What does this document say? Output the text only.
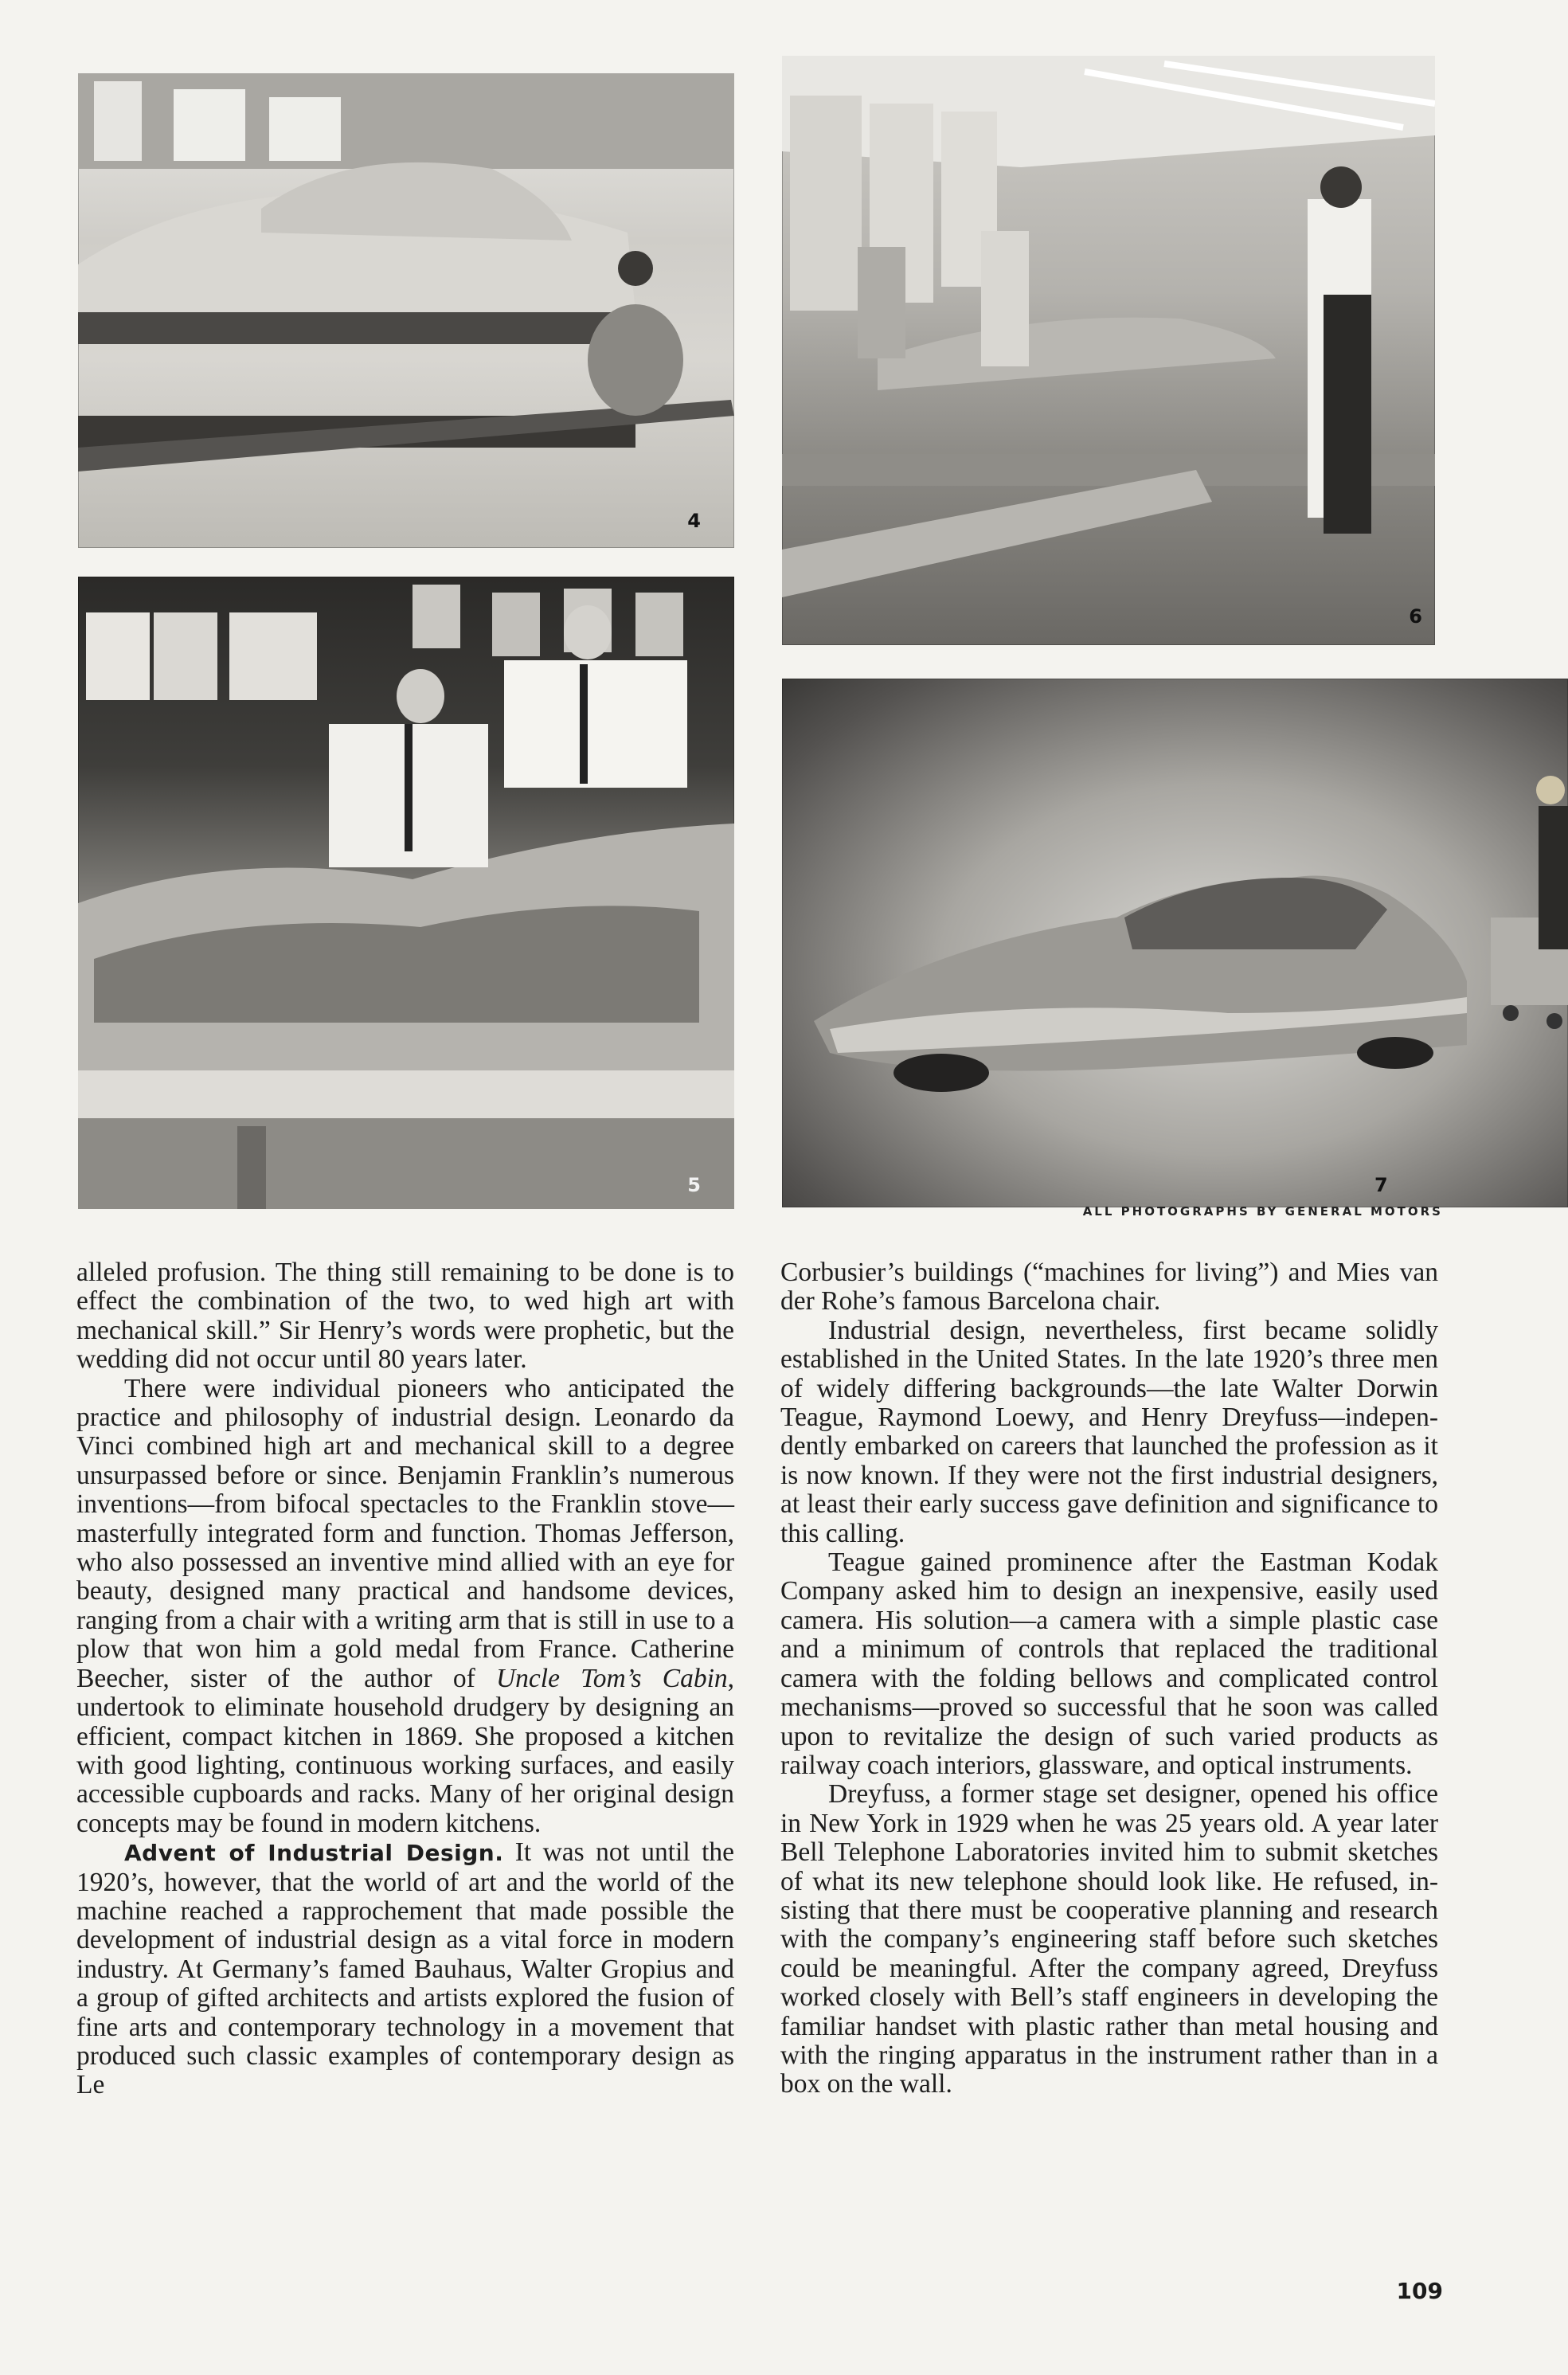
4
5
6
7
ALL PHOTOGRAPHS BY GENERAL MOTORS

alleled profusion. The thing still remaining to be done is to effect the combination of the two, to wed high art with mechanical skill.” Sir Henry’s words were prophetic, but the wedding did not occur until 80 years later.

There were individual pioneers who anticipated the practice and philosophy of industrial design. Leonardo da Vinci combined high art and mechanical skill to a degree unsurpassed before or since. Benjamin Franklin’s numerous inventions—from bifocal spectacles to the Franklin stove—masterfully integrated form and function. Thomas Jefferson, who also possessed an inventive mind allied with an eye for beauty, designed many practical and handsome devices, ranging from a chair with a writing arm that is still in use to a plow that won him a gold medal from France. Catherine Beecher, sister of the author of Uncle Tom’s Cabin, undertook to eliminate household drudgery by designing an efficient, compact kitchen in 1869. She proposed a kitchen with good lighting, continuous working surfaces, and easily accessible cupboards and racks. Many of her original design concepts may be found in modern kitchens.

Advent of Industrial Design. It was not until the 1920’s, however, that the world of art and the world of the machine reached a rapprochement that made possible the development of industrial design as a vital force in modern industry. At Germany’s famed Bauhaus, Walter Gropius and a group of gifted architects and artists explored the fusion of fine arts and contemporary technology in a movement that produced such classic examples of contemporary design as Le

Corbusier’s buildings (“machines for living”) and Mies van der Rohe’s famous Barcelona chair.

Industrial design, nevertheless, first became solidly established in the United States. In the late 1920’s three men of widely differing backgrounds—the late Walter Dorwin Teague, Raymond Loewy, and Henry Dreyfuss—independently embarked on careers that launched the profession as it is now known. If they were not the first industrial designers, at least their early success gave definition and significance to this calling.

Teague gained prominence after the Eastman Kodak Company asked him to design an inexpensive, easily used camera. His solution—a camera with a simple plastic case and a minimum of controls that replaced the traditional camera with the folding bellows and complicated control mechanisms—proved so successful that he soon was called upon to revitalize the design of such varied products as railway coach interiors, glassware, and optical instruments.

Dreyfuss, a former stage set designer, opened his office in New York in 1929 when he was 25 years old. A year later Bell Telephone Laboratories invited him to submit sketches of what its new telephone should look like. He refused, insisting that there must be cooperative planning and research with the company’s engineering staff before such sketches could be meaningful. After the company agreed, Dreyfuss worked closely with Bell’s staff engineers in developing the familiar handset with plastic rather than metal housing and with the ringing apparatus in the instrument rather than in a box on the wall.

109
